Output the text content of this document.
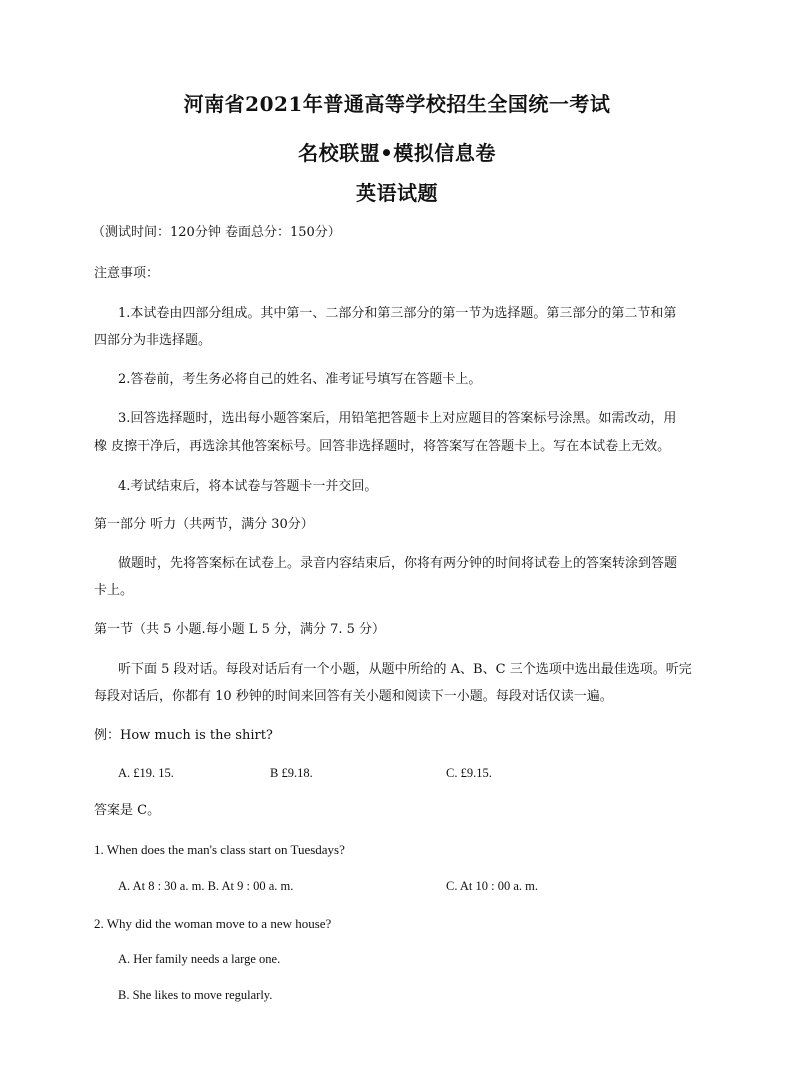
河南省2021年普通高等学校招生全国统一考试
名校联盟•模拟信息卷
英语试题
（测试时间：120分钟 卷面总分：150分）
注意事项：
1.本试卷由四部分组成。其中第一、二部分和第三部分的第一节为选择题。第三部分的第二节和第
四部分为非选择题。
2.答卷前，考生务必将自己的姓名、准考证号填写在答题卡上。
3.回答选择题时，选出每小题答案后，用铅笔把答题卡上对应题目的答案标号涂黑。如需改动，用
橡 皮擦干净后，再选涂其他答案标号。回答非选择题时，将答案写在答题卡上。写在本试卷上无效。
4.考试结束后，将本试卷与答题卡一并交回。
第一部分 听力（共两节，满分 30分）
做题时，先将答案标在试卷上。录音内容结束后，你将有两分钟的时间将试卷上的答案转涂到答题
卡上。
第一节（共 5 小题.每小题 L 5 分，满分 7. 5 分）
听下面 5 段对话。每段对话后有一个小题，从题中所给的 A、B、C 三个选项中选出最佳选项。听完
每段对话后，你都有 10 秒钟的时间来回答有关小题和阅读下一小题。每段对话仅读一遍。
例：How much is the shirt?
A. £19. 15.	B £9.18.	C. £9.15.
答案是 C。
1. When does the man's class start on Tuesdays?
A. At 8 : 30 a. m. B. At 9 : 00 a. m.	C. At 10 : 00 a. m.
2. Why did the woman move to a new house?
A. Her family needs a large one.
B. She likes to move regularly.
